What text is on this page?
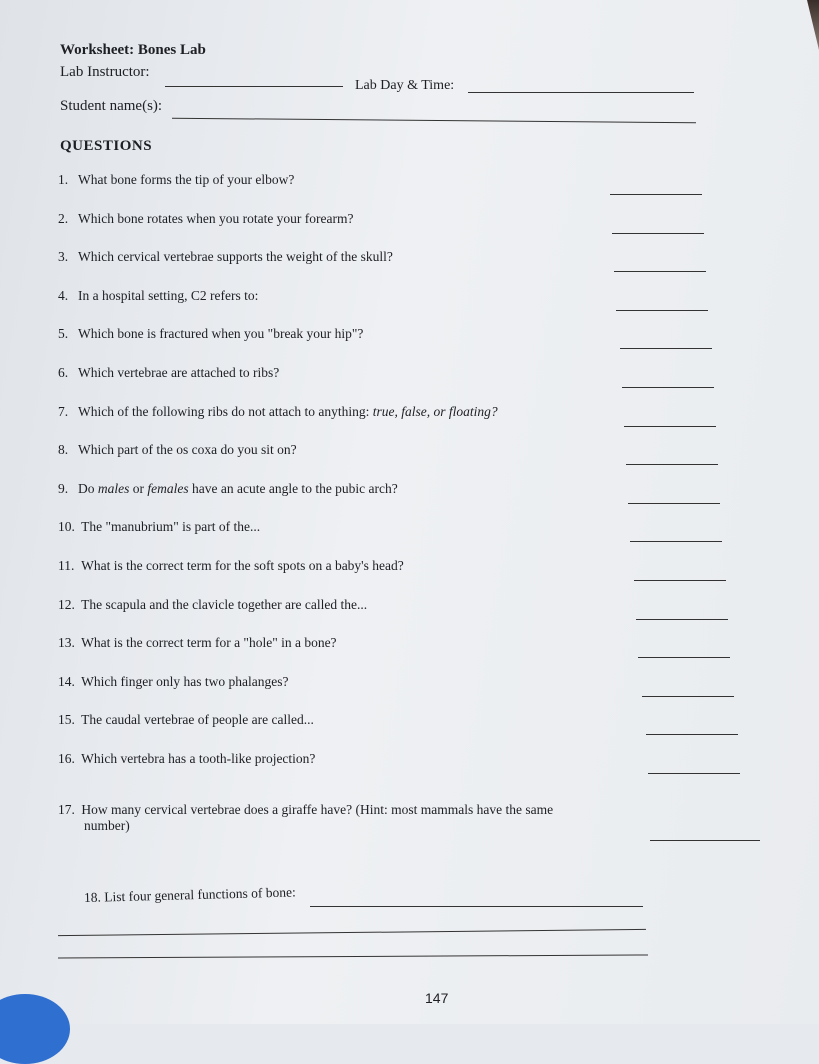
Worksheet: Bones Lab
Lab Instructor:
Lab Day & Time:
Student name(s):
QUESTIONS
1. What bone forms the tip of your elbow?
2. Which bone rotates when you rotate your forearm?
3. Which cervical vertebrae supports the weight of the skull?
4. In a hospital setting, C2 refers to:
5. Which bone is fractured when you "break your hip"?
6. Which vertebrae are attached to ribs?
7. Which of the following ribs do not attach to anything: true, false, or floating?
8. Which part of the os coxa do you sit on?
9. Do males or females have an acute angle to the pubic arch?
10. The "manubrium" is part of the...
11. What is the correct term for the soft spots on a baby's head?
12. The scapula and the clavicle together are called the...
13. What is the correct term for a "hole" in a bone?
14. Which finger only has two phalanges?
15. The caudal vertebrae of people are called...
16. Which vertebra has a tooth-like projection?
17. How many cervical vertebrae does a giraffe have? (Hint: most mammals have the same
number)
18. List four general functions of bone:
147
